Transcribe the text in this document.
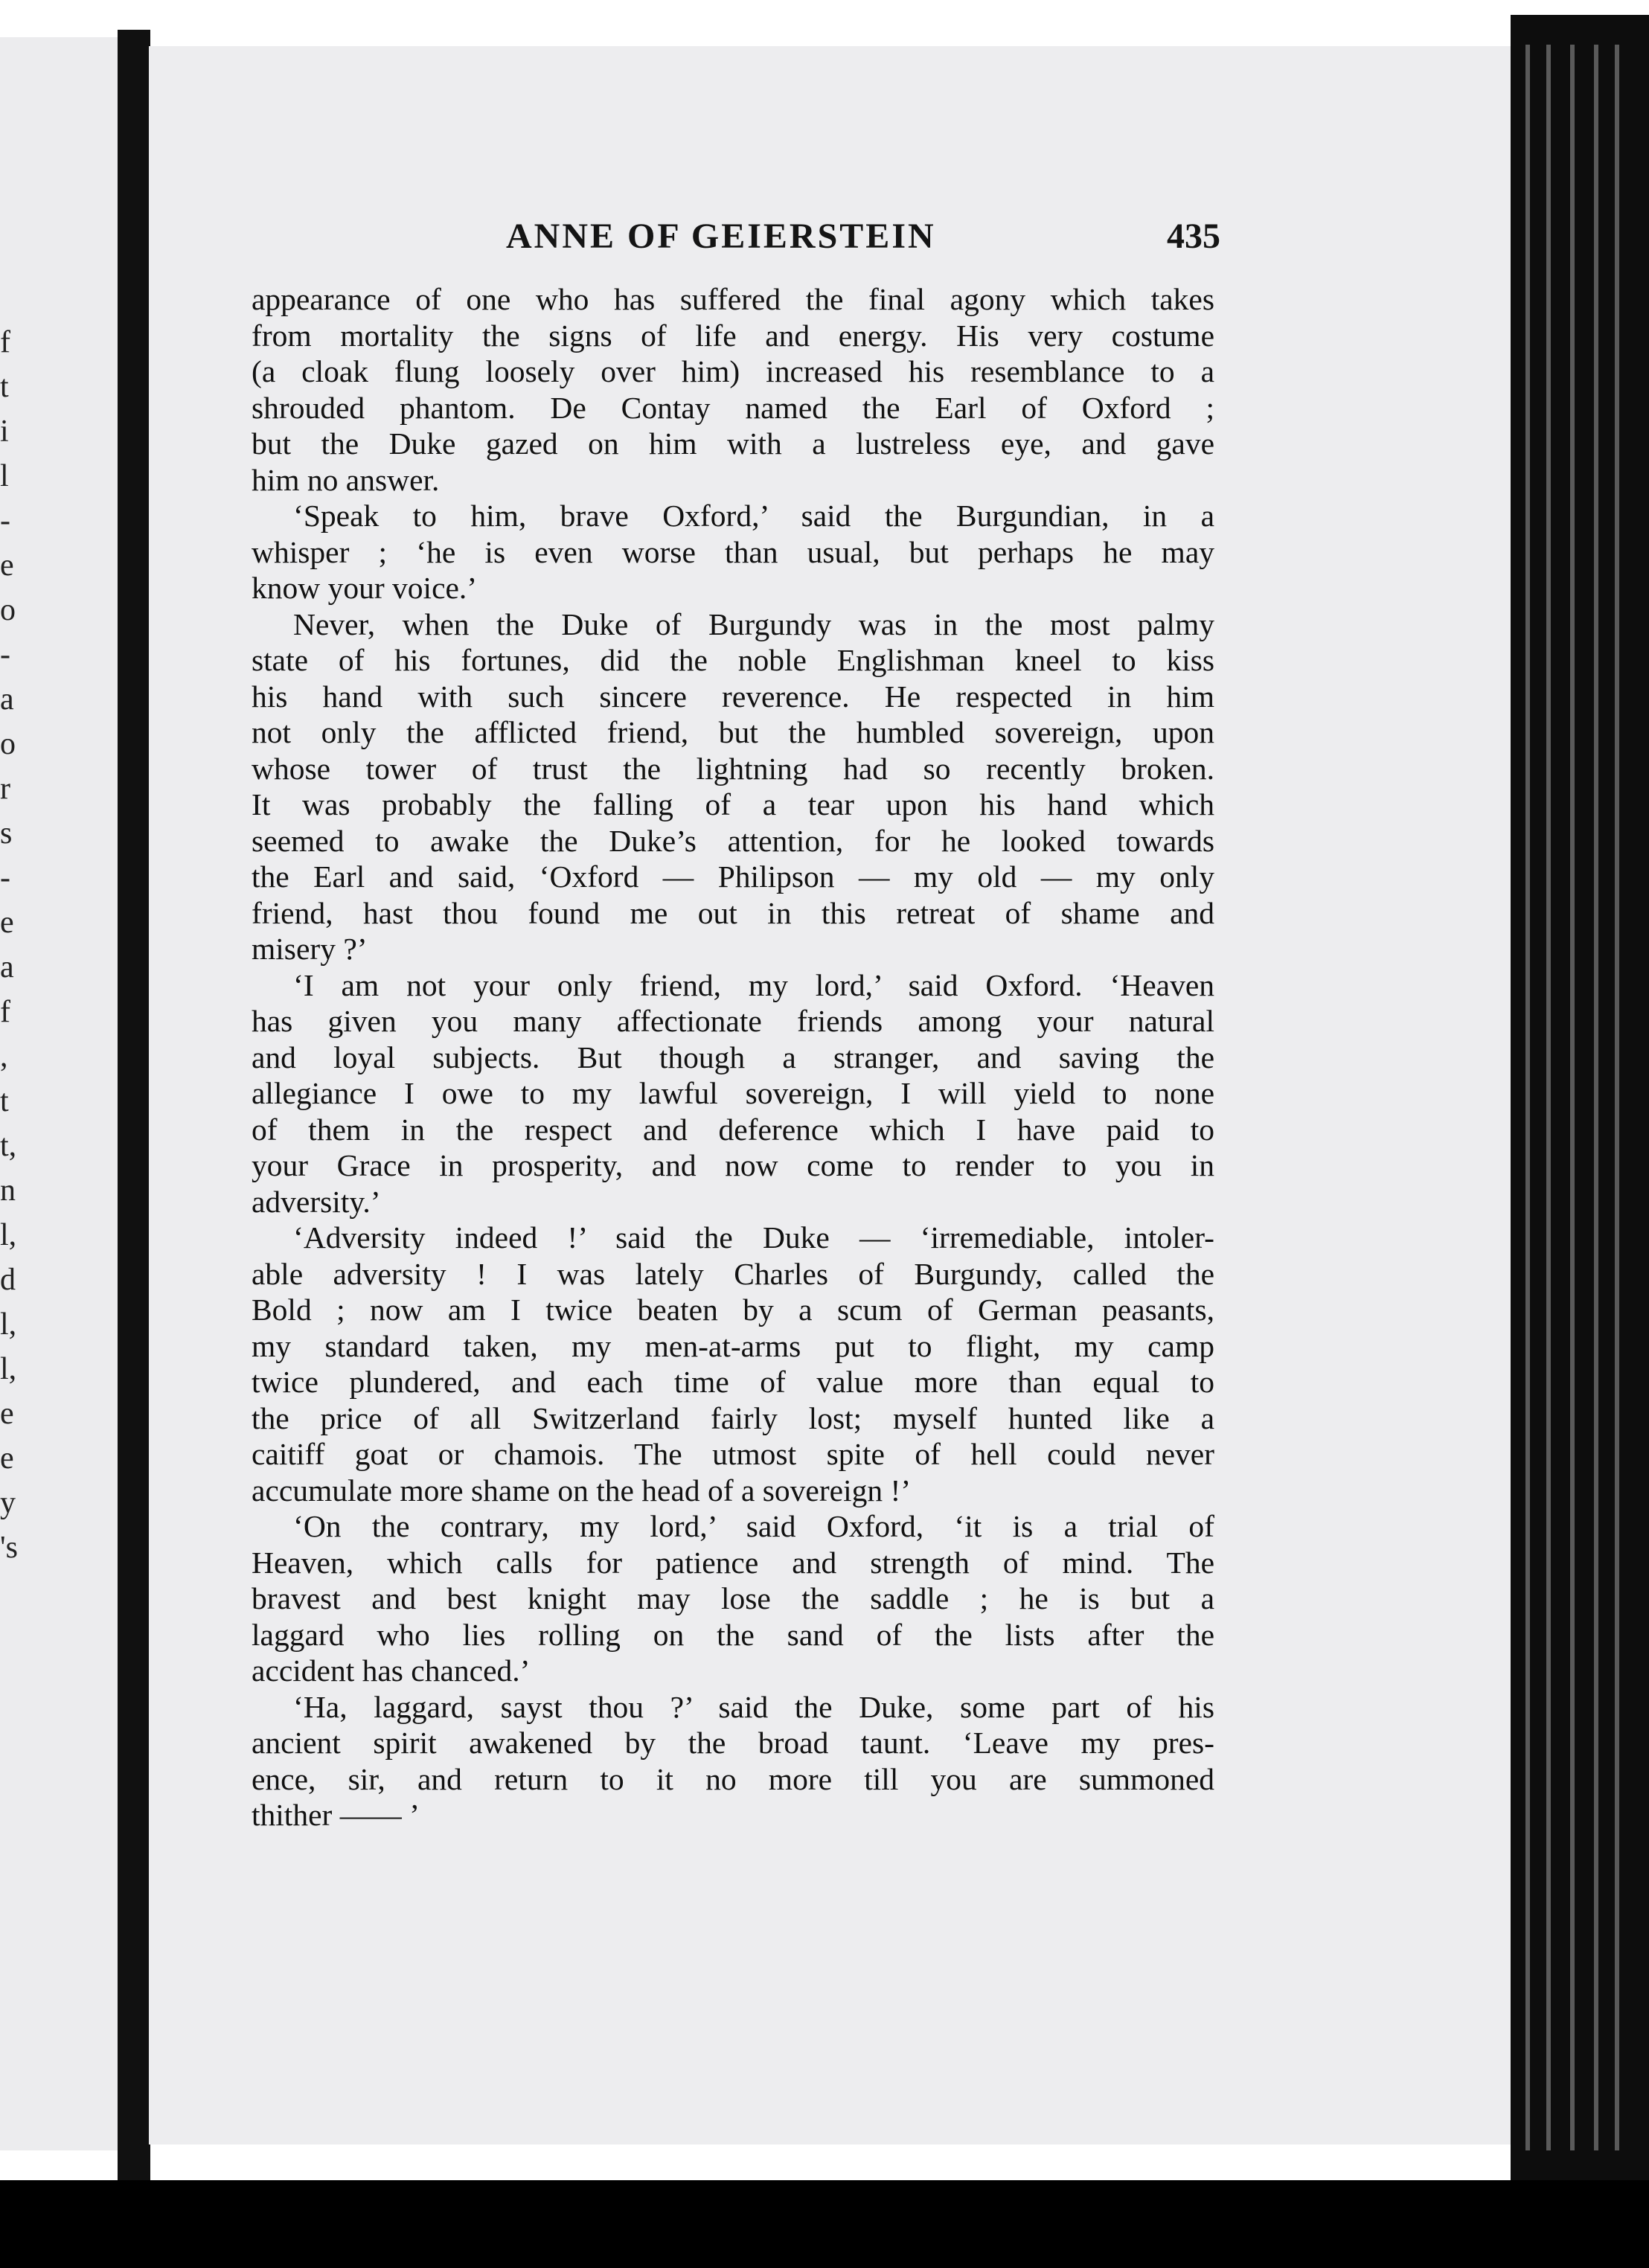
f
t
i
l
-
e
o
-
a
o
r
s
-
e
a
f
,
t
t,
n
l,
d
l,
l,
e
e
y
's
ANNE OF GEIERSTEIN	435
appearance of one who has suffered the final agony which takes
from mortality the signs of life and energy. His very costume
(a cloak flung loosely over him) increased his resemblance to a
shrouded phantom. De Contay named the Earl of Oxford ;
but the Duke gazed on him with a lustreless eye, and gave
him no answer.
‘Speak to him, brave Oxford,’ said the Burgundian, in a
whisper ; ‘he is even worse than usual, but perhaps he may
know your voice.’
Never, when the Duke of Burgundy was in the most palmy
state of his fortunes, did the noble Englishman kneel to kiss
his hand with such sincere reverence. He respected in him
not only the afflicted friend, but the humbled sovereign, upon
whose tower of trust the lightning had so recently broken.
It was probably the falling of a tear upon his hand which
seemed to awake the Duke’s attention, for he looked towards
the Earl and said, ‘Oxford — Philipson — my old — my only
friend, hast thou found me out in this retreat of shame and
misery ?’
‘I am not your only friend, my lord,’ said Oxford. ‘Heaven
has given you many affectionate friends among your natural
and loyal subjects. But though a stranger, and saving the
allegiance I owe to my lawful sovereign, I will yield to none
of them in the respect and deference which I have paid to
your Grace in prosperity, and now come to render to you in
adversity.’
‘Adversity indeed !’ said the Duke — ‘irremediable, intoler-
able adversity ! I was lately Charles of Burgundy, called the
Bold ; now am I twice beaten by a scum of German peasants,
my standard taken, my men-at-arms put to flight, my camp
twice plundered, and each time of value more than equal to
the price of all Switzerland fairly lost; myself hunted like a
caitiff goat or chamois. The utmost spite of hell could never
accumulate more shame on the head of a sovereign !’
‘On the contrary, my lord,’ said Oxford, ‘it is a trial of
Heaven, which calls for patience and strength of mind. The
bravest and best knight may lose the saddle ; he is but a
laggard who lies rolling on the sand of the lists after the
accident has chanced.’
‘Ha, laggard, sayst thou ?’ said the Duke, some part of his
ancient spirit awakened by the broad taunt. ‘Leave my pres-
ence, sir, and return to it no more till you are summoned
thither —— ’
